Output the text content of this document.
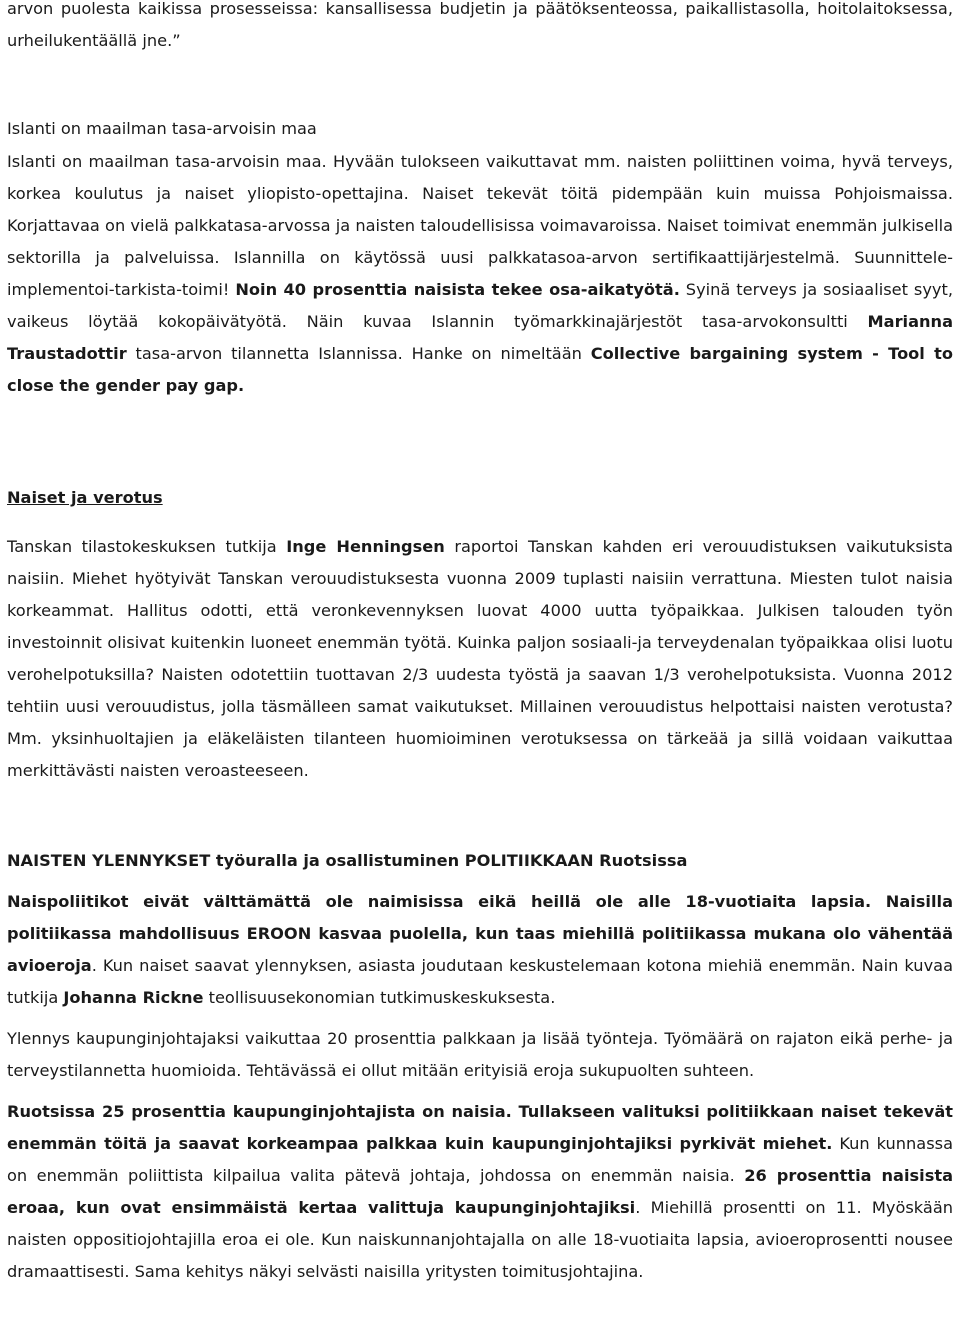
arvon puolesta kaikissa prosesseissa: kansallisessa budjetin ja päätöksenteossa, paikallistasolla, hoitolaitoksessa, urheilukentäällä jne.”

Islanti on maailman tasa-arvoisin maa

Islanti on maailman tasa-arvoisin maa. Hyvään tulokseen vaikuttavat mm. naisten poliittinen voima, hyvä terveys, korkea koulutus ja naiset yliopisto-opettajina. Naiset tekevät töitä pidempään kuin muissa Pohjoismaissa. Korjattavaa on vielä palkkatasa-arvossa ja naisten taloudellisissa voimavaroissa. Naiset toimivat enemmän julkisella sektorilla ja palveluissa. Islannilla on käytössä uusi palkkatasoa-arvon sertifikaattijärjestelmä. Suunnittele-implementoi-tarkista-toimi! Noin 40 prosenttia naisista tekee osa-aikatyötä. Syinä terveys ja sosiaaliset syyt, vaikeus löytää kokopäivätyötä. Näin kuvaa Islannin työmarkkinajärjestöt tasa-arvokonsultti Marianna Traustadottir tasa-arvon tilannetta Islannissa. Hanke on nimeltään Collective bargaining system - Tool to close the gender pay gap.

Naiset ja verotus

Tanskan tilastokeskuksen tutkija Inge Henningsen raportoi Tanskan kahden eri verouudistuksen vaikutuksista naisiin. Miehet hyötyivät Tanskan verouudistuksesta vuonna 2009 tuplasti naisiin verrattuna. Miesten tulot naisia korkeammat. Hallitus odotti, että veronkevennyksen luovat 4000 uutta työpaikkaa. Julkisen talouden työn investoinnit olisivat kuitenkin luoneet enemmän työtä. Kuinka paljon sosiaali-ja terveydenalan työpaikkaa olisi luotu verohelpotuksilla? Naisten odotettiin tuottavan 2/3 uudesta työstä ja saavan 1/3 verohelpotuksista. Vuonna 2012 tehtiin uusi verouudistus, jolla täsmälleen samat vaikutukset. Millainen verouudistus helpottaisi naisten verotusta? Mm. yksinhuoltajien ja eläkeläisten tilanteen huomioiminen verotuksessa on tärkeää ja sillä voidaan vaikuttaa merkittävästi naisten veroasteeseen.

NAISTEN YLENNYKSET työuralla ja osallistuminen POLITIIKKAAN Ruotsissa

Naispoliitikot eivät välttämättä ole naimisissa eikä heillä ole alle 18-vuotiaita lapsia. Naisilla politiikassa mahdollisuus EROON kasvaa puolella, kun taas miehillä politiikassa mukana olo vähentää avioeroja. Kun naiset saavat ylennyksen, asiasta joudutaan keskustelemaan kotona miehiä enemmän. Nain kuvaa tutkija Johanna Rickne teollisuusekonomian tutkimuskeskuksesta.

Ylennys kaupunginjohtajaksi vaikuttaa 20 prosenttia palkkaan ja lisää työnteja. Työmäärä on rajaton eikä perhe- ja terveystilannetta huomioida. Tehtävässä ei ollut mitään erityisiä eroja sukupuolten suhteen.

Ruotsissa 25 prosenttia kaupunginjohtajista on naisia. Tullakseen valituksi politiikkaan naiset tekevät enemmän töitä ja saavat korkeampaa palkkaa kuin kaupunginjohtajiksi pyrkivät miehet. Kun kunnassa on enemmän poliittista kilpailua valita pätevä johtaja, johdossa on enemmän naisia. 26 prosenttia naisista eroaa, kun ovat ensimmäistä kertaa valittuja kaupunginjohtajiksi. Miehillä prosentti on 11. Myöskään naisten oppositiojohtajilla eroa ei ole. Kun naiskunnanjohtajalla on alle 18-vuotiaita lapsia, avioeroprosentti nousee dramaattisesti. Sama kehitys näkyi selvästi naisilla yritysten toimitusjohtajina.
